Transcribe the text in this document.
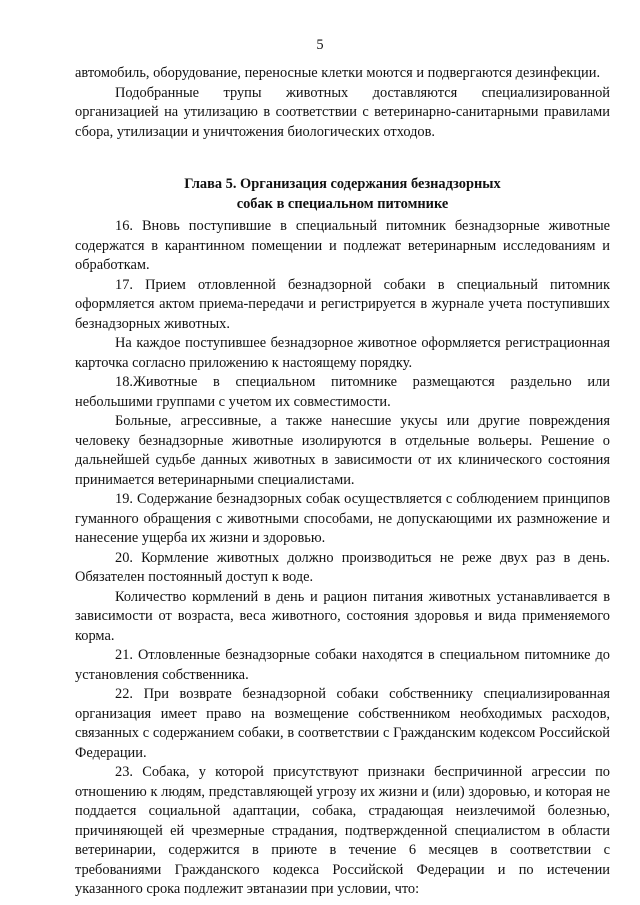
5

автомобиль, оборудование, переносные клетки моются и подвергаются дезинфекции.

Подобранные трупы животных доставляются специализированной организацией на утилизацию в соответствии с ветеринарно-санитарными правилами сбора, утилизации и уничтожения биологических отходов.

Глава 5. Организация содержания безнадзорных
собак в специальном питомнике

16. Вновь поступившие в специальный питомник безнадзорные животные содержатся в карантинном помещении и подлежат ветеринарным исследованиям и обработкам.

17. Прием отловленной безнадзорной собаки в специальный питомник оформляется актом приема-передачи и регистрируется в журнале учета поступивших безнадзорных животных.

На каждое поступившее безнадзорное животное оформляется регистрационная карточка согласно приложению к настоящему порядку.

18.Животные в специальном питомнике размещаются раздельно или небольшими группами с учетом их совместимости.

Больные, агрессивные, а также нанесшие укусы или другие повреждения человеку безнадзорные животные изолируются в отдельные вольеры. Решение о дальнейшей судьбе данных животных в зависимости от их клинического состояния принимается ветеринарными специалистами.

19. Содержание безнадзорных собак осуществляется с соблюдением принципов гуманного обращения с животными способами, не допускающими их размножение и нанесение ущерба их жизни и здоровью.

20. Кормление животных должно производиться не реже двух раз в день. Обязателен постоянный доступ к воде.

Количество кормлений в день и рацион питания животных устанавливается в зависимости от возраста, веса животного, состояния здоровья и вида применяемого корма.

21. Отловленные безнадзорные собаки находятся в специальном питомнике до установления собственника.

22. При возврате безнадзорной собаки собственнику специализированная организация имеет право на возмещение собственником необходимых расходов, связанных с содержанием собаки, в соответствии с Гражданским кодексом Российской Федерации.

23. Собака, у которой присутствуют признаки беспричинной агрессии по отношению к людям, представляющей угрозу их жизни и (или) здоровью, и которая не поддается социальной адаптации, собака, страдающая неизлечимой болезнью, причиняющей ей чрезмерные страдания, подтвержденной специалистом в области ветеринарии, содержится в приюте в течение 6 месяцев в соответствии с требованиями Гражданского кодекса Российской Федерации и по истечении указанного срока подлежит эвтаназии при условии, что:
